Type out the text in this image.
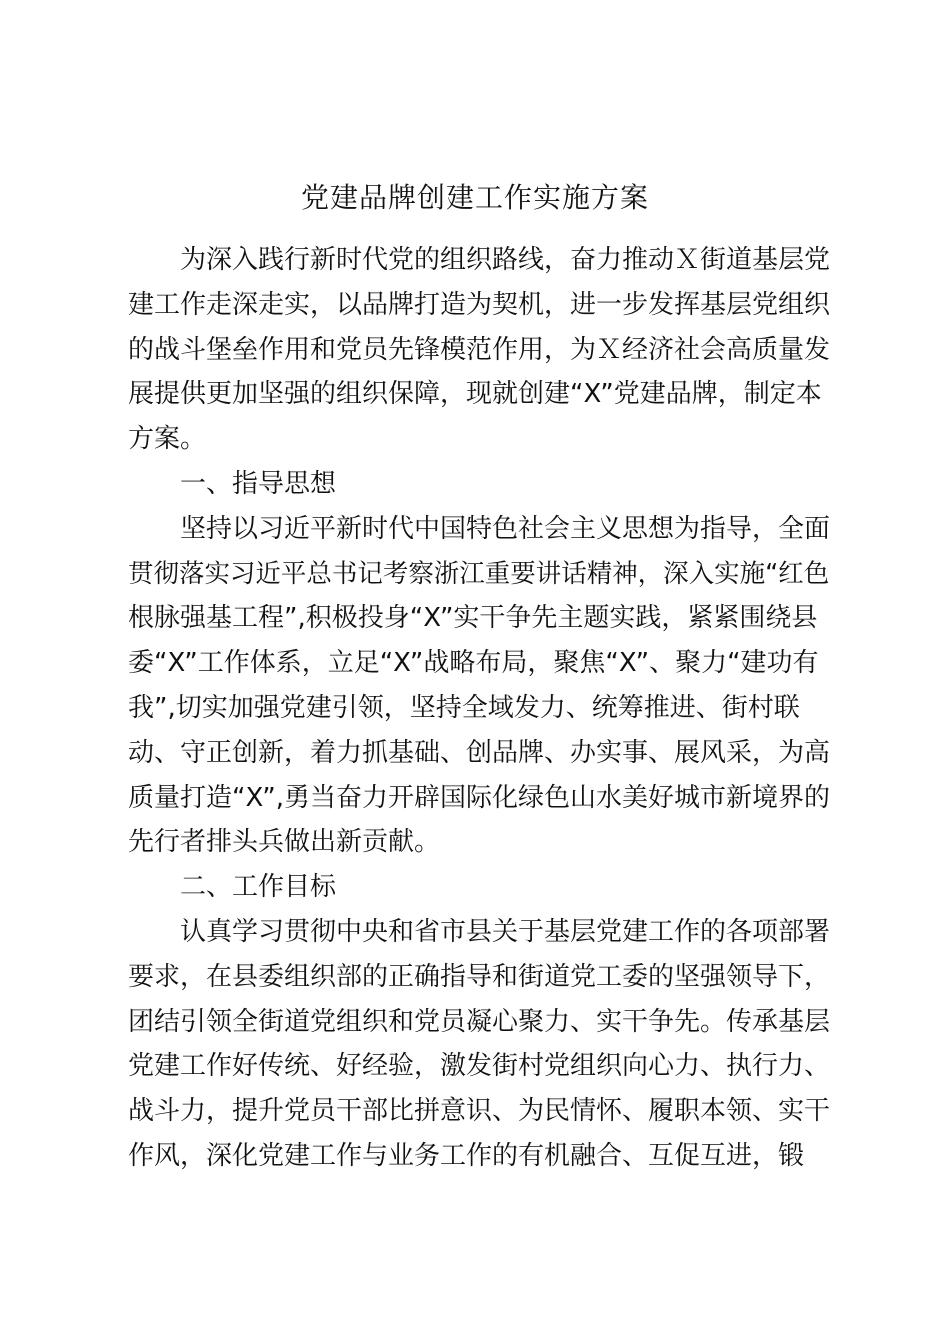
党建品牌创建工作实施方案
为深入践行新时代党的组织路线，奋力推动Ｘ街道基层党
建工作走深走实，以品牌打造为契机，进一步发挥基层党组织
的战斗堡垒作用和党员先锋模范作用，为Ｘ经济社会高质量发
展提供更加坚强的组织保障，现就创建“X”党建品牌，制定本
方案。
一、指导思想
坚持以习近平新时代中国特色社会主义思想为指导，全面
贯彻落实习近平总书记考察浙江重要讲话精神，深入实施“红色
根脉强基工程”,积极投身“X”实干争先主题实践，紧紧围绕县
委“X”工作体系，立足“X”战略布局，聚焦“X”、聚力“建功有
我”,切实加强党建引领，坚持全域发力、统筹推进、街村联
动、守正创新，着力抓基础、创品牌、办实事、展风采，为高
质量打造“X”,勇当奋力开辟国际化绿色山水美好城市新境界的
先行者排头兵做出新贡献。
二、工作目标
认真学习贯彻中央和省市县关于基层党建工作的各项部署
要求，在县委组织部的正确指导和街道党工委的坚强领导下，
团结引领全街道党组织和党员凝心聚力、实干争先。传承基层
党建工作好传统、好经验，激发街村党组织向心力、执行力、
战斗力，提升党员干部比拼意识、为民情怀、履职本领、实干
作风，深化党建工作与业务工作的有机融合、互促互进，锻
